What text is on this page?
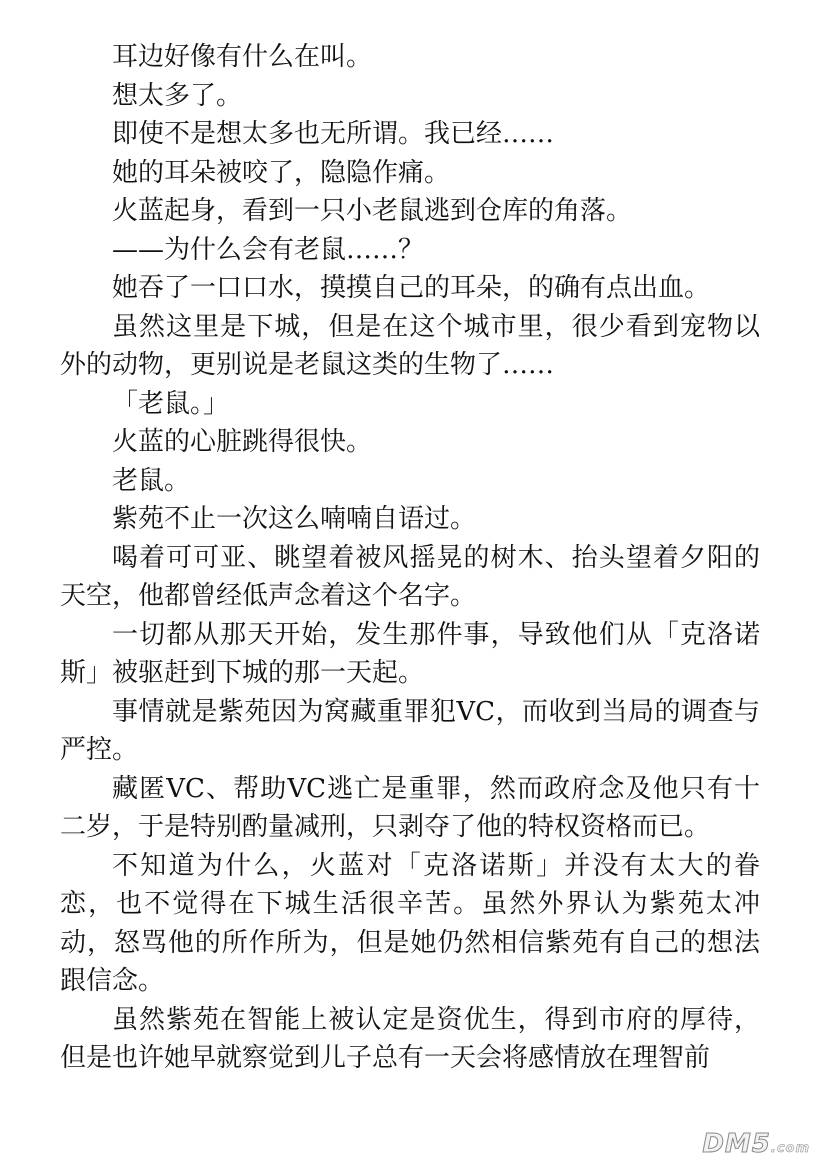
耳边好像有什么在叫。

想太多了。

即使不是想太多也无所谓。我已经……

她的耳朵被咬了，隐隐作痛。

火蓝起身，看到一只小老鼠逃到仓库的角落。

——为什么会有老鼠……？

她吞了一口口水，摸摸自己的耳朵，的确有点出血。

虽然这里是下城，但是在这个城市里，很少看到宠物以外的动物，更别说是老鼠这类的生物了……

「老鼠。」

火蓝的心脏跳得很快。

老鼠。

紫苑不止一次这么喃喃自语过。

喝着可可亚、眺望着被风摇晃的树木、抬头望着夕阳的天空，他都曾经低声念着这个名字。

一切都从那天开始，发生那件事，导致他们从「克洛诺斯」被驱赶到下城的那一天起。

事情就是紫苑因为窝藏重罪犯VC，而收到当局的调查与严控。

藏匿VC、帮助VC逃亡是重罪，然而政府念及他只有十二岁，于是特别酌量减刑，只剥夺了他的特权资格而已。

不知道为什么，火蓝对「克洛诺斯」并没有太大的眷恋，也不觉得在下城生活很辛苦。虽然外界认为紫苑太冲动，怒骂他的所作所为，但是她仍然相信紫苑有自己的想法跟信念。

虽然紫苑在智能上被认定是资优生，得到市府的厚待，但是也许她早就察觉到儿子总有一天会将感情放在理智前

DM5.com
